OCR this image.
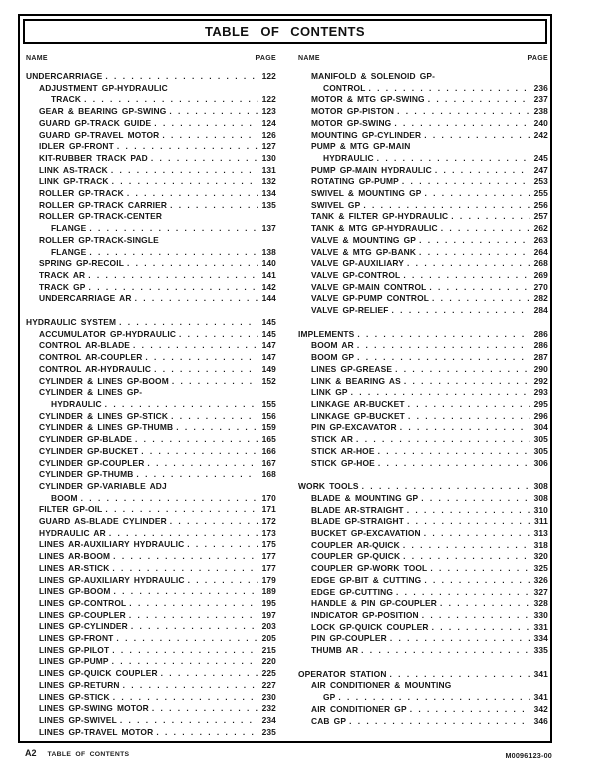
TABLE OF CONTENTS
NAME	PAGE
UNDERCARRIAGE . . .	122
ADJUSTMENT GP-HYDRAULIC
TRACK . . .	122
GEAR & BEARING GP-SWING . . .	123
GUARD GP-TRACK GUIDE . . .	124
GUARD GP-TRAVEL MOTOR . . .	126
IDLER GP-FRONT . . .	127
KIT-RUBBER TRACK PAD . . .	130
LINK AS-TRACK . . .	131
LINK GP-TRACK . . .	132
ROLLER GP-TRACK . . .	134
ROLLER GP-TRACK CARRIER . . .	135
ROLLER GP-TRACK-CENTER
FLANGE . . .	137
ROLLER GP-TRACK-SINGLE
FLANGE . . .	138
SPRING GP-RECOIL . . .	140
TRACK AR . . .	141
TRACK GP . . .	142
UNDERCARRIAGE AR . . .	144
HYDRAULIC SYSTEM . . .	145
ACCUMULATOR GP-HYDRAULIC . . .	145
CONTROL AR-BLADE . . .	147
CONTROL AR-COUPLER . . .	147
CONTROL AR-HYDRAULIC . . .	149
CYLINDER & LINES GP-BOOM . . .	152
CYLINDER & LINES GP-
HYDRAULIC . . .	155
CYLINDER & LINES GP-STICK . . .	156
CYLINDER & LINES GP-THUMB . . .	159
CYLINDER GP-BLADE . . .	165
CYLINDER GP-BUCKET . . .	166
CYLINDER GP-COUPLER . . .	167
CYLINDER GP-THUMB . . .	168
CYLINDER GP-VARIABLE ADJ
BOOM . . .	170
FILTER GP-OIL . . .	171
GUARD AS-BLADE CYLINDER . . .	172
HYDRAULIC AR . . .	173
LINES AR-AUXILIARY HYDRAULIC . . .	175
LINES AR-BOOM . . .	177
LINES AR-STICK . . .	177
LINES GP-AUXILIARY HYDRAULIC . . .	179
LINES GP-BOOM . . .	189
LINES GP-CONTROL . . .	195
LINES GP-COUPLER . . .	197
LINES GP-CYLINDER . . .	203
LINES GP-FRONT . . .	205
LINES GP-PILOT . . .	215
LINES GP-PUMP . . .	220
LINES GP-QUICK COUPLER . . .	225
LINES GP-RETURN . . .	227
LINES GP-STICK . . .	230
LINES GP-SWING MOTOR . . .	232
LINES GP-SWIVEL . . .	234
LINES GP-TRAVEL MOTOR . . .	235
NAME	PAGE
MANIFOLD & SOLENOID GP-
CONTROL . . .	236
MOTOR & MTG GP-SWING . . .	237
MOTOR GP-PISTON . . .	238
MOTOR GP-SWING . . .	240
MOUNTING GP-CYLINDER . . .	242
PUMP & MTG GP-MAIN
HYDRAULIC . . .	245
PUMP GP-MAIN HYDRAULIC . . .	247
ROTATING GP-PUMP . . .	253
SWIVEL & MOUNTING GP . . .	255
SWIVEL GP . . .	256
TANK & FILTER GP-HYDRAULIC . . .	257
TANK & MTG GP-HYDRAULIC . . .	262
VALVE & MOUNTING GP . . .	263
VALVE & MTG GP-BANK . . .	264
VALVE GP-AUXILIARY . . .	268
VALVE GP-CONTROL . . .	269
VALVE GP-MAIN CONTROL . . .	270
VALVE GP-PUMP CONTROL . . .	282
VALVE GP-RELIEF . . .	284
IMPLEMENTS . . .	286
BOOM AR . . .	286
BOOM GP . . .	287
LINES GP-GREASE . . .	290
LINK & BEARING AS . . .	292
LINK GP . . .	293
LINKAGE AR-BUCKET . . .	295
LINKAGE GP-BUCKET . . .	296
PIN GP-EXCAVATOR . . .	304
STICK AR . . .	305
STICK AR-HOE . . .	305
STICK GP-HOE . . .	306
WORK TOOLS . . .	308
BLADE & MOUNTING GP . . .	308
BLADE AR-STRAIGHT . . .	310
BLADE GP-STRAIGHT . . .	311
BUCKET GP-EXCAVATION . . .	313
COUPLER AR-QUICK . . .	318
COUPLER GP-QUICK . . .	320
COUPLER GP-WORK TOOL . . .	325
EDGE GP-BIT & CUTTING . . .	326
EDGE GP-CUTTING . . .	327
HANDLE & PIN GP-COUPLER . . .	328
INDICATOR GP-POSITION . . .	330
LOCK GP-QUICK COUPLER . . .	331
PIN GP-COUPLER . . .	334
THUMB AR . . .	335
OPERATOR STATION . . .	341
AIR CONDITIONER & MOUNTING
GP . . .	341
AIR CONDITIONER GP . . .	342
CAB GP . . .	346
A2 TABLE OF CONTENTS	M0096123-00
